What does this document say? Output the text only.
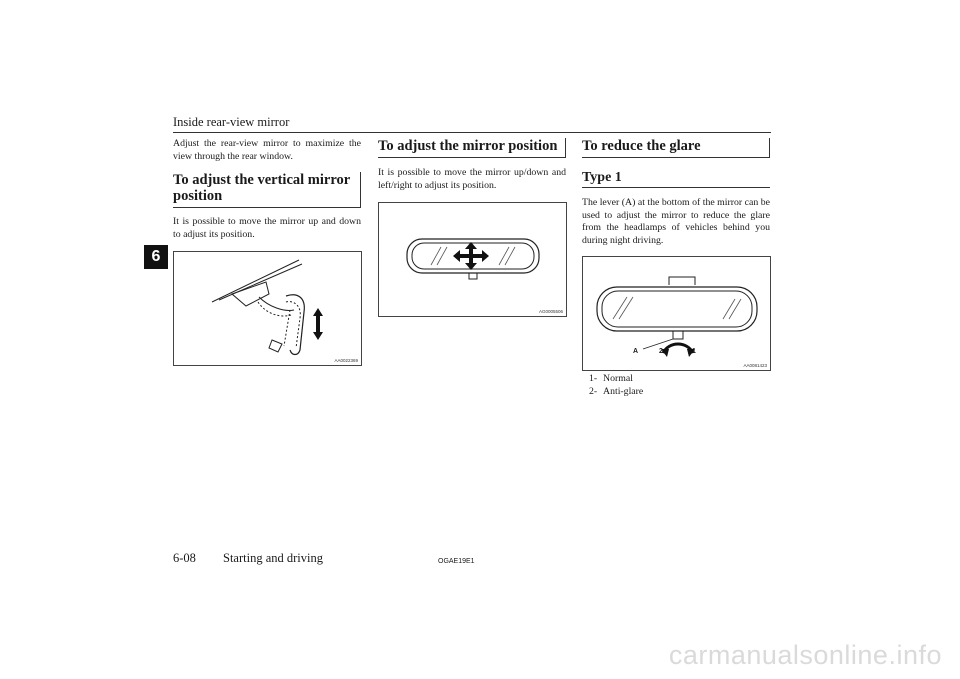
Inside rear-view mirror
6

Adjust the rear-view mirror to maximize the view through the rear window.

To adjust the vertical mirror position

It is possible to move the mirror up and down to adjust its position.

AA0022369
To adjust the mirror position

It is possible to move the mirror up/down and left/right to adjust its position.

AG0005506
To reduce the glare
Type 1

The lever (A) at the bottom of the mirror can be used to adjust the mirror to reduce the glare from the headlamps of vehicles behind you during night driving.

A	2	1
AA0081423
1- Normal
2- Anti-glare
6-08 Starting and driving	OGAE19E1
carmanualsonline.info
